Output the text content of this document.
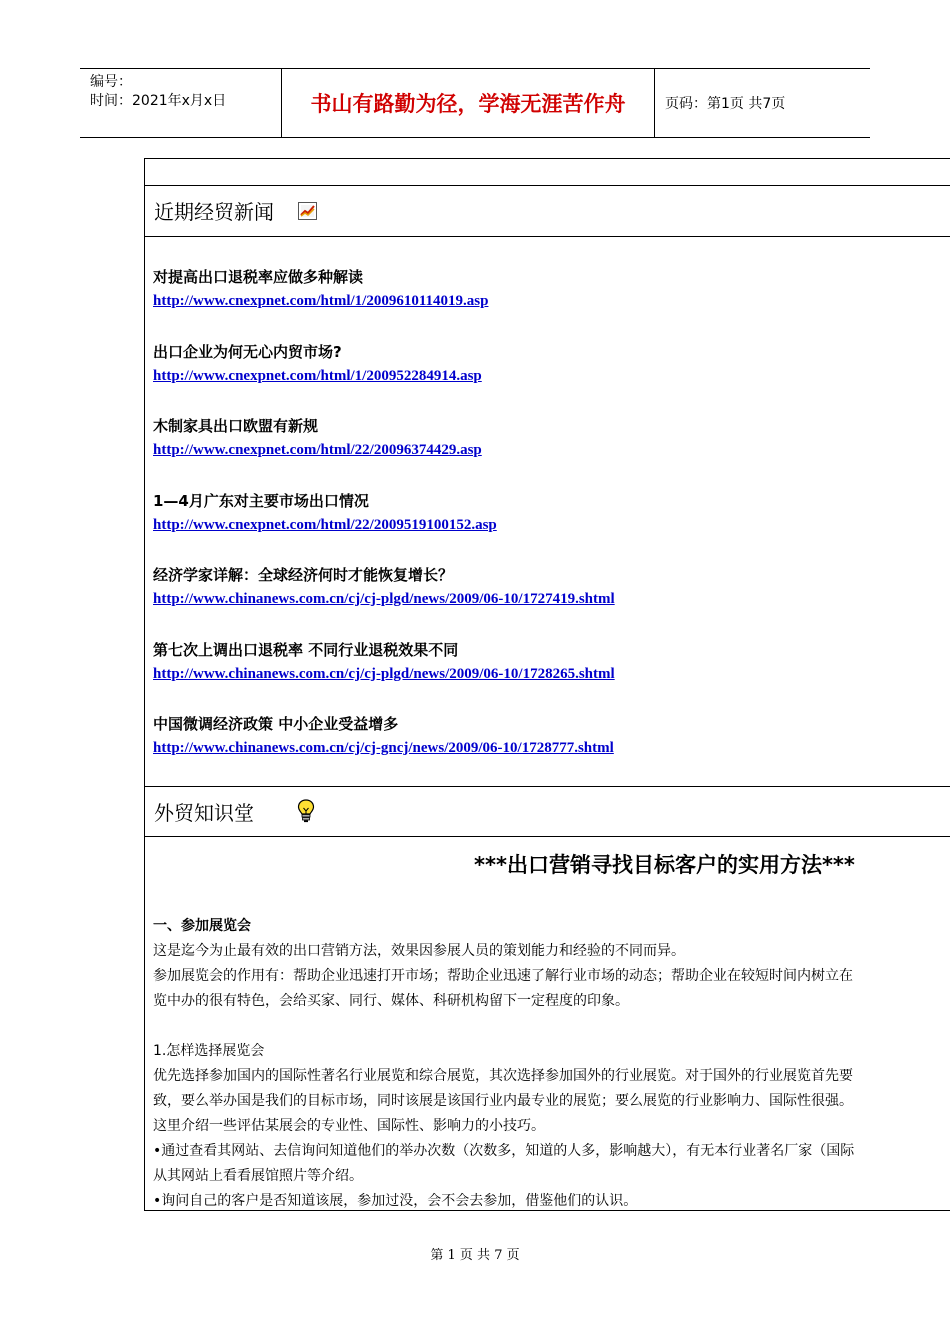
编号：
时间：2021年x月x日	书山有路勤为径，学海无涯苦作舟	页码：第1页 共7页
近期经贸新闻
对提高出口退税率应做多种解读
http://www.cnexpnet.com/html/1/2009610114019.asp
出口企业为何无心内贸市场?
http://www.cnexpnet.com/html/1/200952284914.asp
木制家具出口欧盟有新规
http://www.cnexpnet.com/html/22/20096374429.asp
1—4月广东对主要市场出口情况
http://www.cnexpnet.com/html/22/2009519100152.asp
经济学家详解：全球经济何时才能恢复增长？
http://www.chinanews.com.cn/cj/cj-plgd/news/2009/06-10/1727419.shtml
第七次上调出口退税率 不同行业退税效果不同
http://www.chinanews.com.cn/cj/cj-plgd/news/2009/06-10/1728265.shtml
中国微调经济政策 中小企业受益增多
http://www.chinanews.com.cn/cj/cj-gncj/news/2009/06-10/1728777.shtml
外贸知识堂
***出口营销寻找目标客户的实用方法***
一、参加展览会
这是迄今为止最有效的出口营销方法，效果因参展人员的策划能力和经验的不同而异。
参加展览会的作用有：帮助企业迅速打开市场；帮助企业迅速了解行业市场的动态；帮助企业在较短时间内树立在
览中办的很有特色，会给买家、同行、媒体、科研机构留下一定程度的印象。
1.怎样选择展览会
优先选择参加国内的国际性著名行业展览和综合展览，其次选择参加国外的行业展览。对于国外的行业展览首先要
致，要么举办国是我们的目标市场，同时该展是该国行业内最专业的展览；要么展览的行业影响力、国际性很强。
这里介绍一些评估某展会的专业性、国际性、影响力的小技巧。
•通过查看其网站、去信询问知道他们的举办次数（次数多，知道的人多，影响越大），有无本行业著名厂家（国际
从其网站上看看展馆照片等介绍。
•询问自己的客户是否知道该展，参加过没，会不会去参加，借鉴他们的认识。
第 1 页 共 7 页
